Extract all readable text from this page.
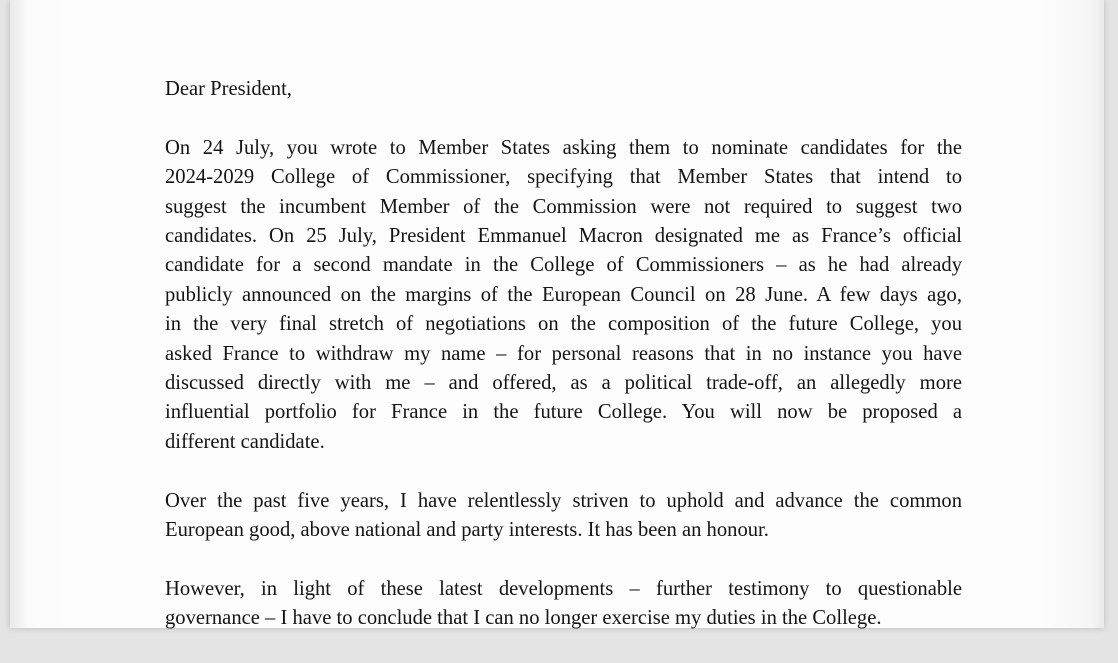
Dear President,
On 24 July, you wrote to Member States asking them to nominate candidates for the
2024-2029 College of Commissioner, specifying that Member States that intend to
suggest the incumbent Member of the Commission were not required to suggest two
candidates. On 25 July, President Emmanuel Macron designated me as France’s official
candidate for a second mandate in the College of Commissioners – as he had already
publicly announced on the margins of the European Council on 28 June. A few days ago,
in the very final stretch of negotiations on the composition of the future College, you
asked France to withdraw my name – for personal reasons that in no instance you have
discussed directly with me – and offered, as a political trade-off, an allegedly more
influential portfolio for France in the future College. You will now be proposed a
different candidate.
Over the past five years, I have relentlessly striven to uphold and advance the common
European good, above national and party interests. It has been an honour.
However, in light of these latest developments – further testimony to questionable
governance – I have to conclude that I can no longer exercise my duties in the College.
